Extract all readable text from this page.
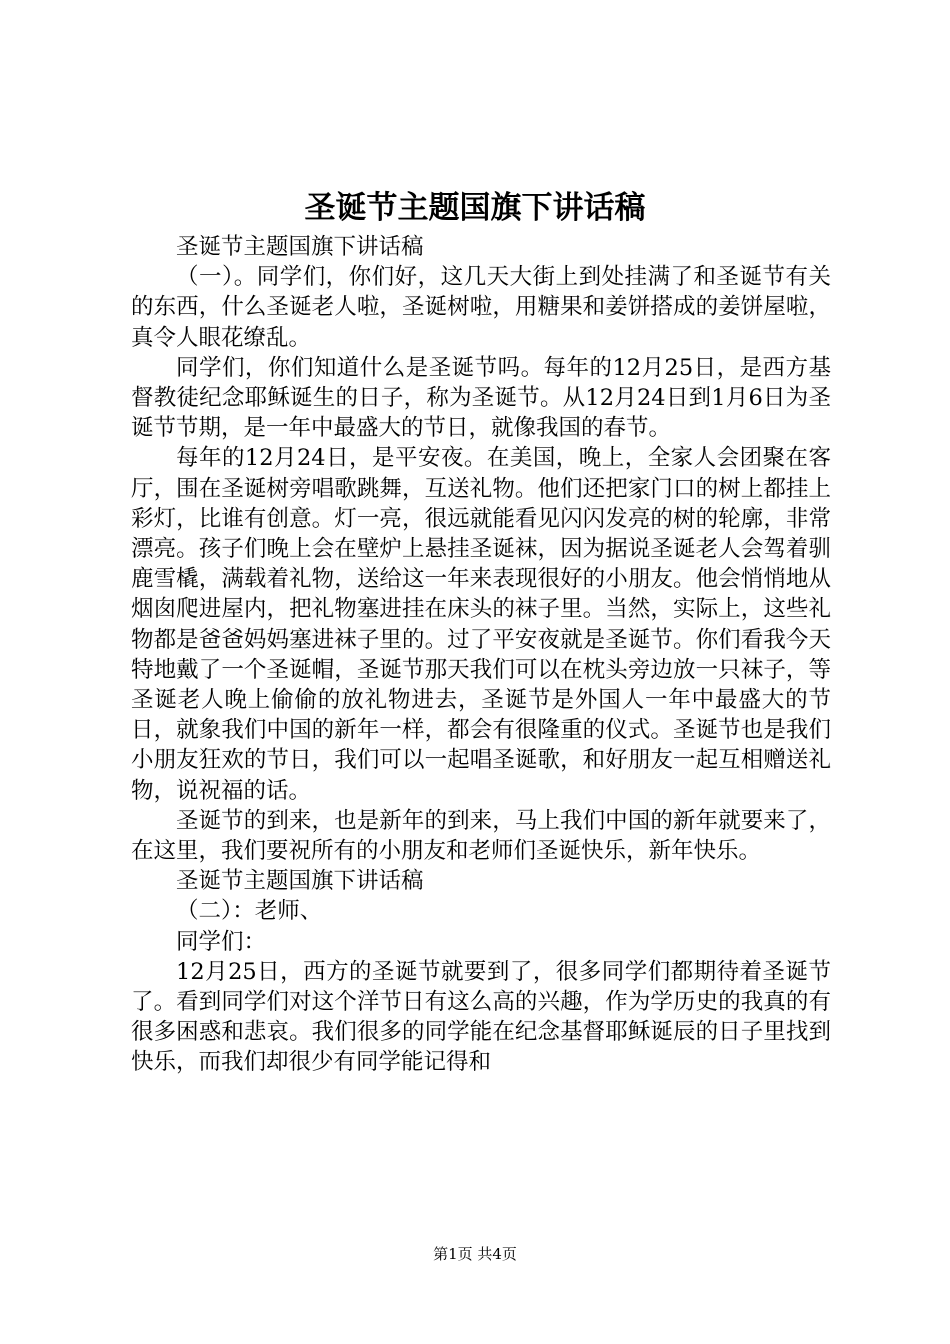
圣诞节主题国旗下讲话稿

圣诞节主题国旗下讲话稿

（一）。同学们，你们好，这几天大街上到处挂满了和圣诞节有关的东西，什么圣诞老人啦，圣诞树啦，用糖果和姜饼搭成的姜饼屋啦，真令人眼花缭乱。

同学们，你们知道什么是圣诞节吗。每年的12月25日，是西方基督教徒纪念耶稣诞生的日子，称为圣诞节。从12月24日到1月6日为圣诞节节期，是一年中最盛大的节日，就像我国的春节。

每年的12月24日，是平安夜。在美国，晚上，全家人会团聚在客厅，围在圣诞树旁唱歌跳舞，互送礼物。他们还把家门口的树上都挂上彩灯，比谁有创意。灯一亮，很远就能看见闪闪发亮的树的轮廓，非常漂亮。孩子们晚上会在壁炉上悬挂圣诞袜，因为据说圣诞老人会驾着驯鹿雪橇，满载着礼物，送给这一年来表现很好的小朋友。他会悄悄地从烟囱爬进屋内，把礼物塞进挂在床头的袜子里。当然，实际上，这些礼物都是爸爸妈妈塞进袜子里的。过了平安夜就是圣诞节。你们看我今天特地戴了一个圣诞帽，圣诞节那天我们可以在枕头旁边放一只袜子，等圣诞老人晚上偷偷的放礼物进去，圣诞节是外国人一年中最盛大的节日，就象我们中国的新年一样，都会有很隆重的仪式。圣诞节也是我们小朋友狂欢的节日，我们可以一起唱圣诞歌，和好朋友一起互相赠送礼物，说祝福的话。

圣诞节的到来，也是新年的到来，马上我们中国的新年就要来了，在这里，我们要祝所有的小朋友和老师们圣诞快乐，新年快乐。

圣诞节主题国旗下讲话稿

（二）：老师、

同学们：

12月25日，西方的圣诞节就要到了，很多同学们都期待着圣诞节了。看到同学们对这个洋节日有这么高的兴趣，作为学历史的我真的有很多困惑和悲哀。我们很多的同学能在纪念基督耶稣诞辰的日子里找到快乐，而我们却很少有同学能记得和

第1页 共4页
